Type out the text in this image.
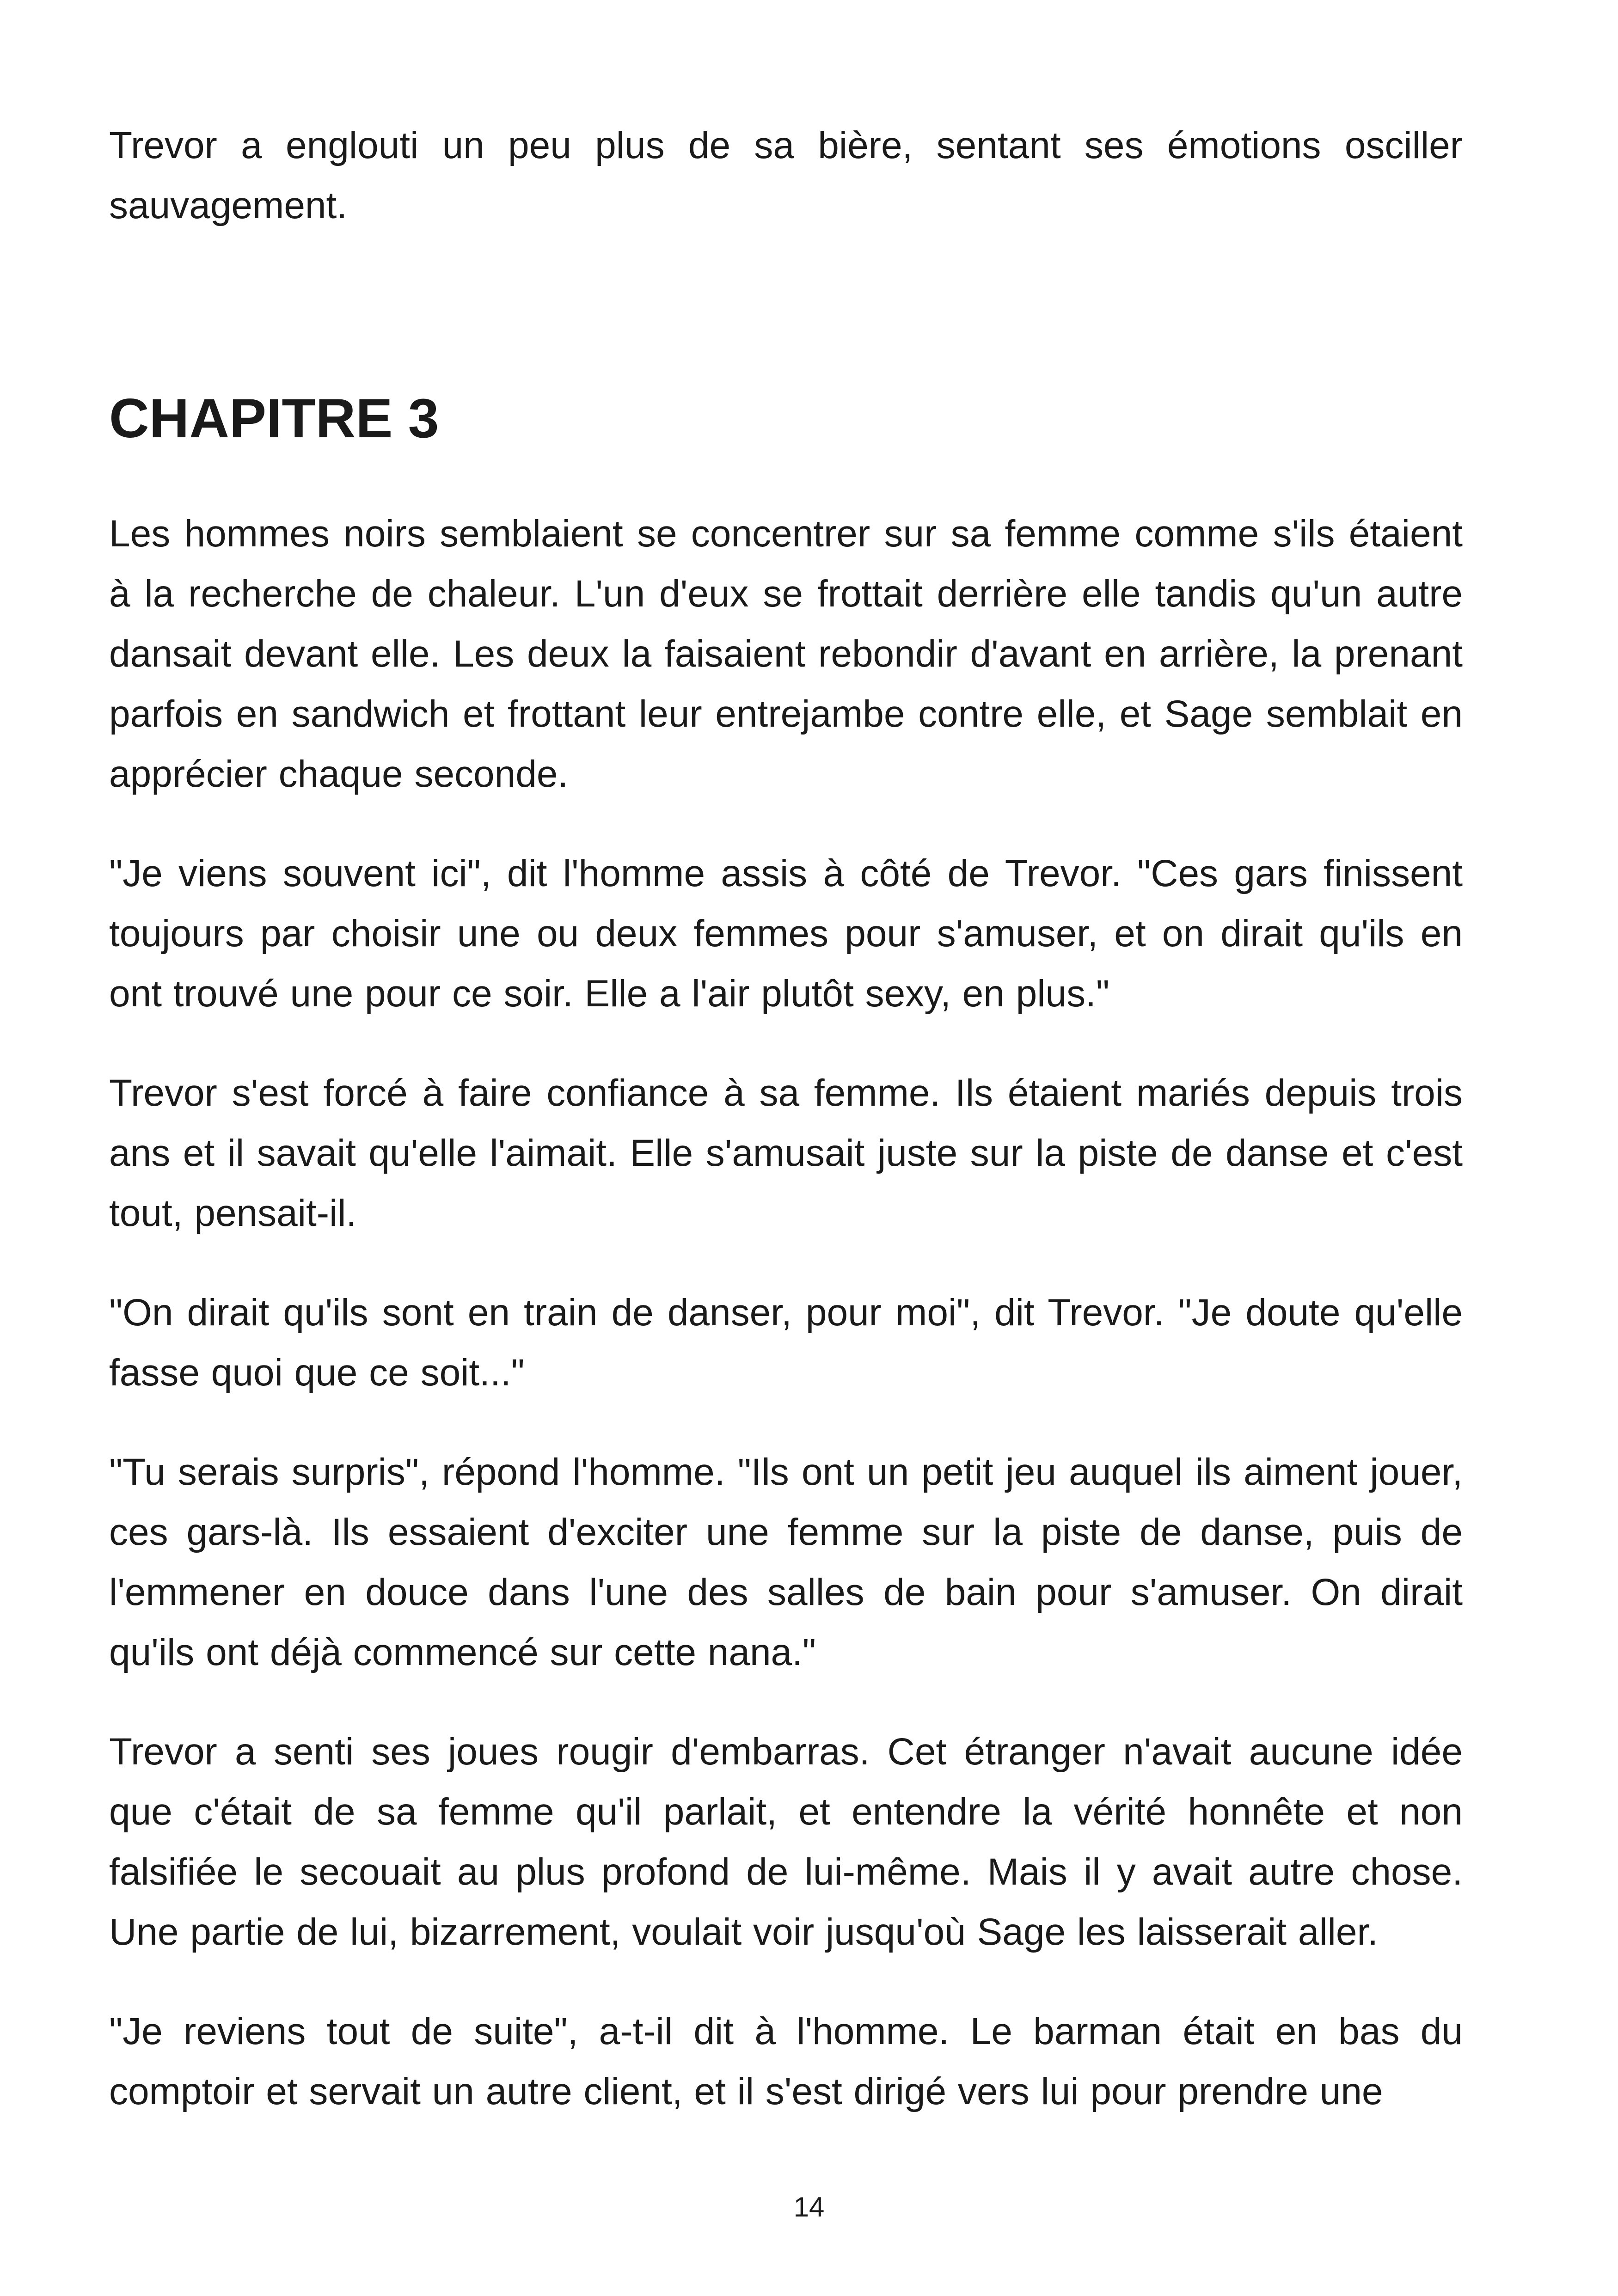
Trevor a englouti un peu plus de sa bière, sentant ses émotions osciller sauvagement.

CHAPITRE 3

Les hommes noirs semblaient se concentrer sur sa femme comme s'ils étaient à la recherche de chaleur. L'un d'eux se frottait derrière elle tandis qu'un autre dansait devant elle. Les deux la faisaient rebondir d'avant en arrière, la prenant parfois en sandwich et frottant leur entrejambe contre elle, et Sage semblait en apprécier chaque seconde.

"Je viens souvent ici", dit l'homme assis à côté de Trevor. "Ces gars finissent toujours par choisir une ou deux femmes pour s'amuser, et on dirait qu'ils en ont trouvé une pour ce soir. Elle a l'air plutôt sexy, en plus."

Trevor s'est forcé à faire confiance à sa femme. Ils étaient mariés depuis trois ans et il savait qu'elle l'aimait. Elle s'amusait juste sur la piste de danse et c'est tout, pensait-il.

"On dirait qu'ils sont en train de danser, pour moi", dit Trevor. "Je doute qu'elle fasse quoi que ce soit..."

"Tu serais surpris", répond l'homme. "Ils ont un petit jeu auquel ils aiment jouer, ces gars-là. Ils essaient d'exciter une femme sur la piste de danse, puis de l'emmener en douce dans l'une des salles de bain pour s'amuser. On dirait qu'ils ont déjà commencé sur cette nana."

Trevor a senti ses joues rougir d'embarras. Cet étranger n'avait aucune idée que c'était de sa femme qu'il parlait, et entendre la vérité honnête et non falsifiée le secouait au plus profond de lui-même. Mais il y avait autre chose. Une partie de lui, bizarrement, voulait voir jusqu'où Sage les laisserait aller.

"Je reviens tout de suite", a-t-il dit à l'homme. Le barman était en bas du comptoir et servait un autre client, et il s'est dirigé vers lui pour prendre une

14
